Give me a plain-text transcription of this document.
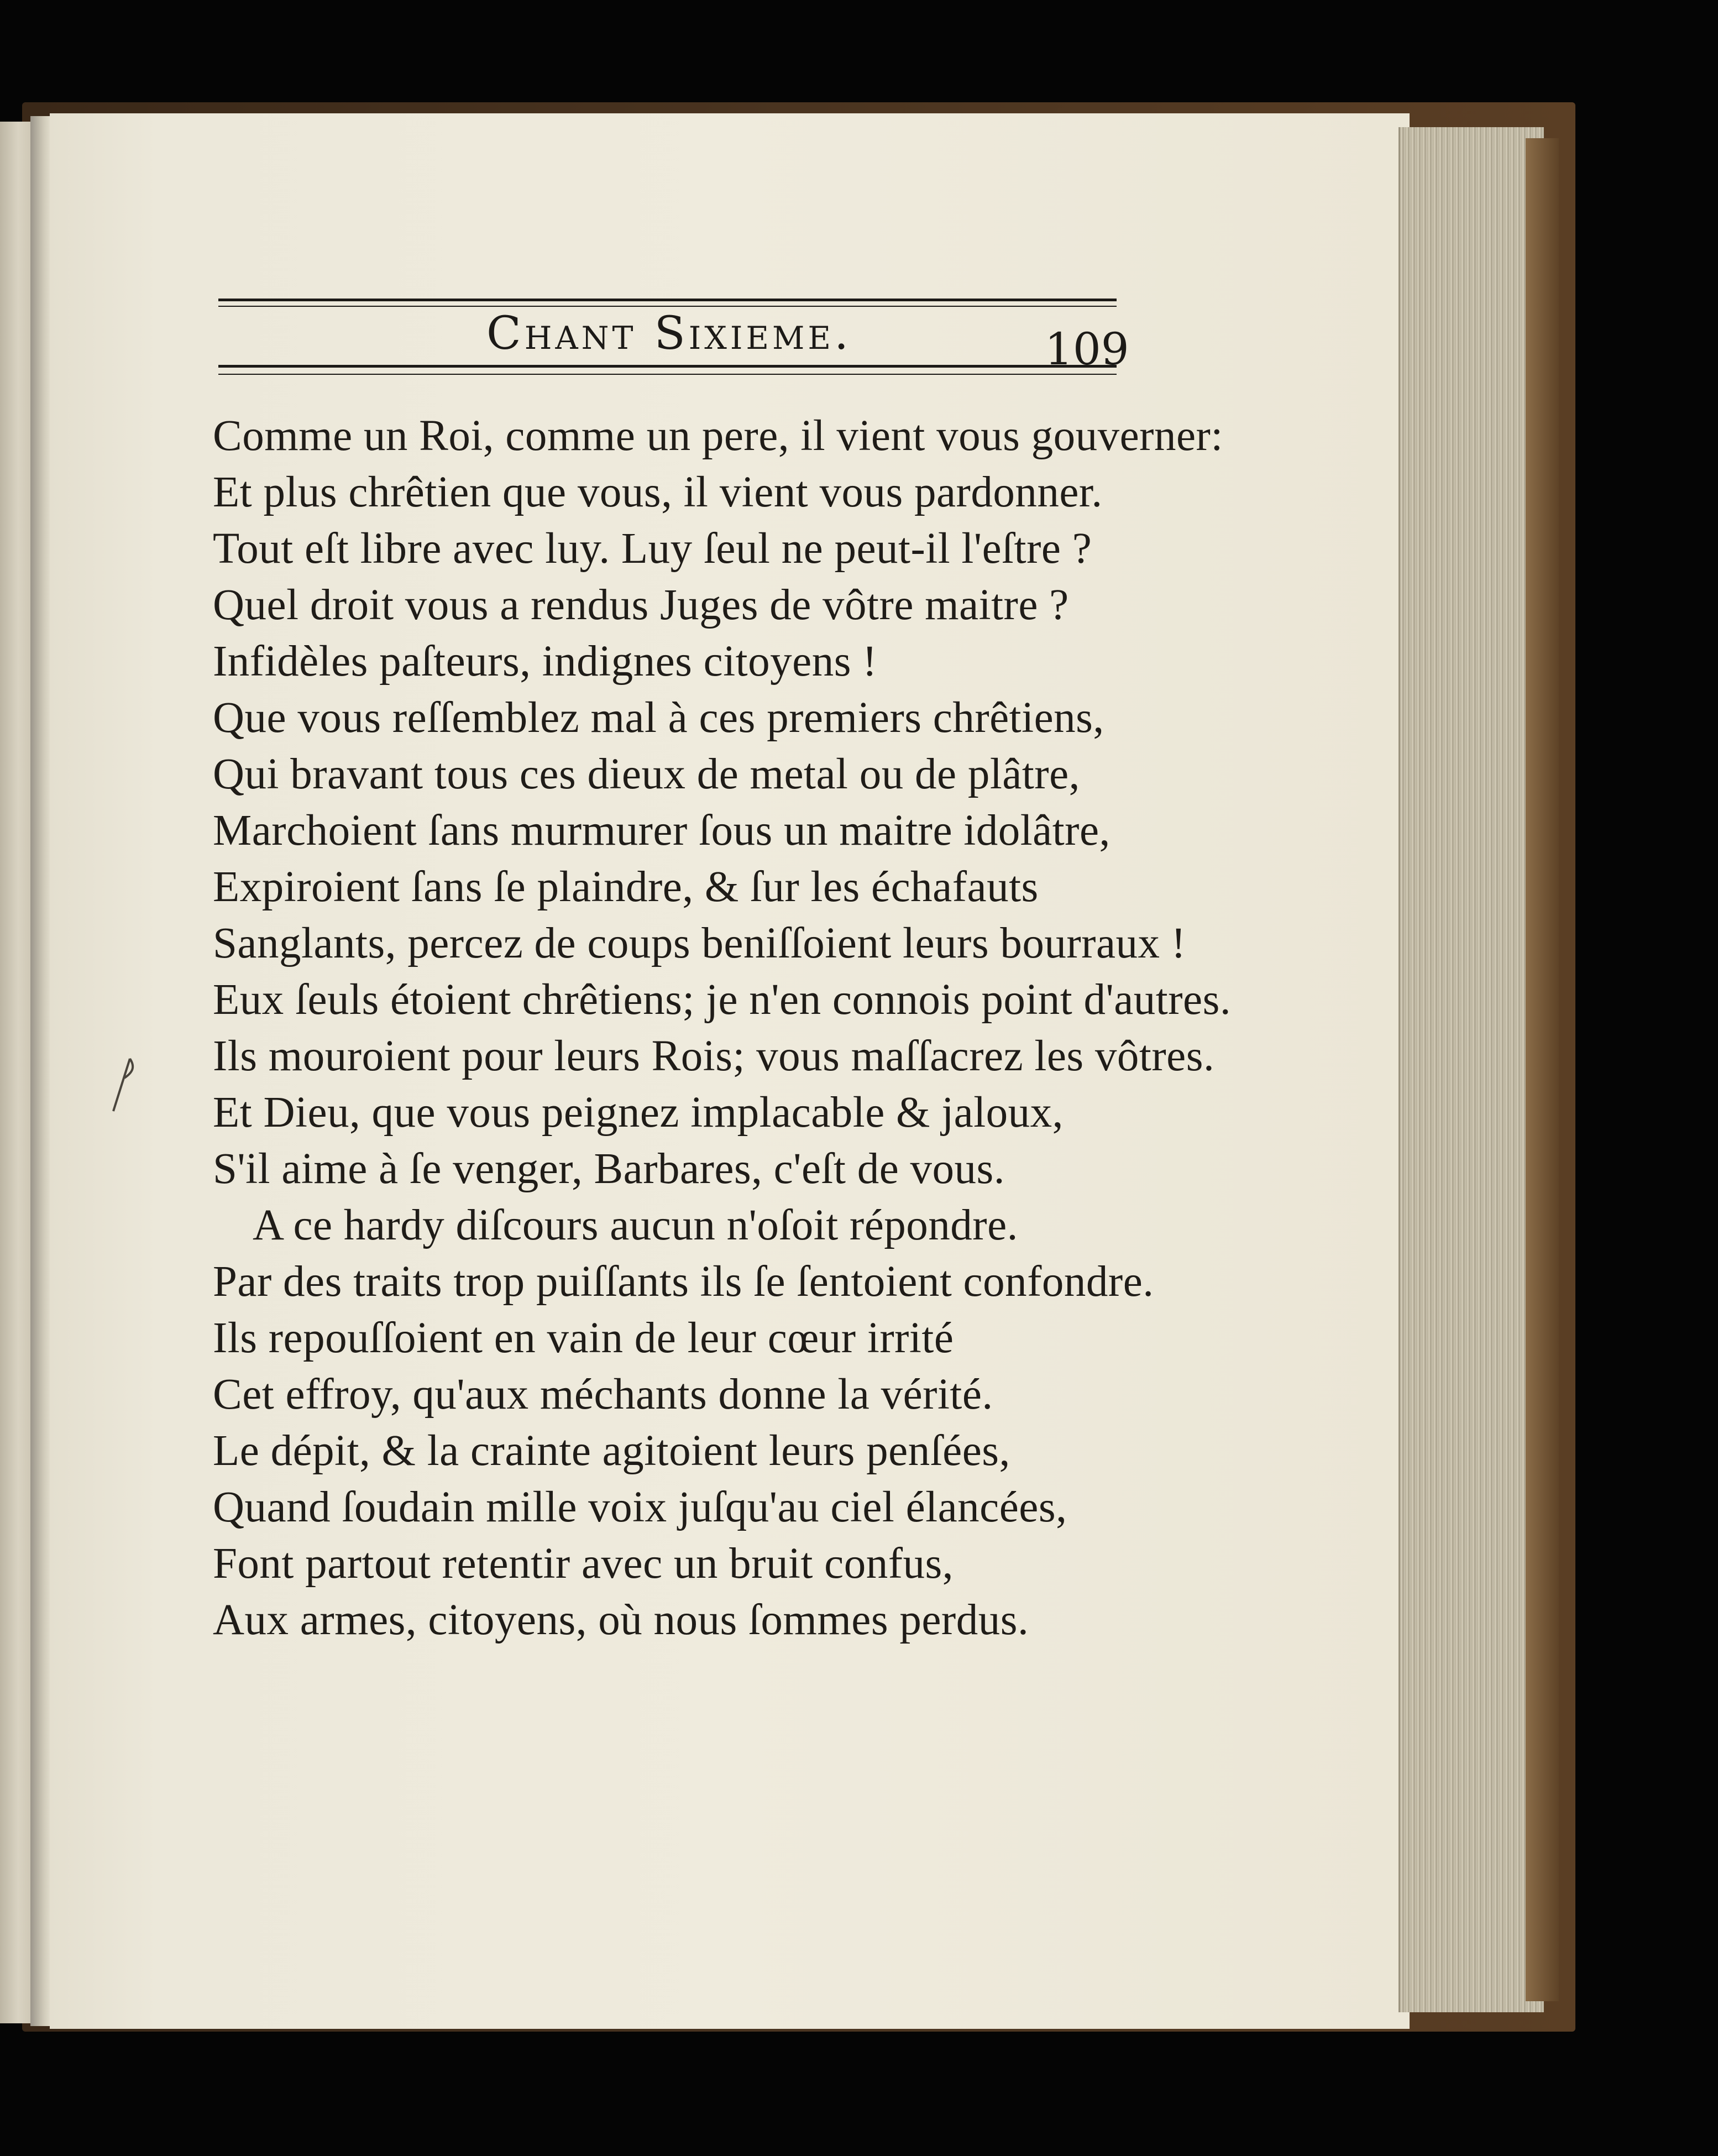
Chant Sixieme.	109
Comme un Roi, comme un pere, il vient vous gouverner:
Et plus chrêtien que vous, il vient vous pardonner.
Tout eſt libre avec luy. Luy ſeul ne peut-il l'eſtre ?
Quel droit vous a rendus Juges de vôtre maitre ?
Infidèles paſteurs, indignes citoyens !
Que vous reſſemblez mal à ces premiers chrêtiens,
Qui bravant tous ces dieux de metal ou de plâtre,
Marchoient ſans murmurer ſous un maitre idolâtre,
Expiroient ſans ſe plaindre, & ſur les échafauts
Sanglants, percez de coups beniſſoient leurs bourraux !
Eux ſeuls étoient chrêtiens; je n'en connois point d'autres.
Ils mouroient pour leurs Rois; vous maſſacrez les vôtres.
Et Dieu, que vous peignez implacable & jaloux,
S'il aime à ſe venger, Barbares, c'eſt de vous.
A ce hardy diſcours aucun n'oſoit répondre.
Par des traits trop puiſſants ils ſe ſentoient confondre.
Ils repouſſoient en vain de leur cœur irrité
Cet effroy, qu'aux méchants donne la vérité.
Le dépit, & la crainte agitoient leurs penſées,
Quand ſoudain mille voix juſqu'au ciel élancées,
Font partout retentir avec un bruit confus,
Aux armes, citoyens, où nous ſommes perdus.
